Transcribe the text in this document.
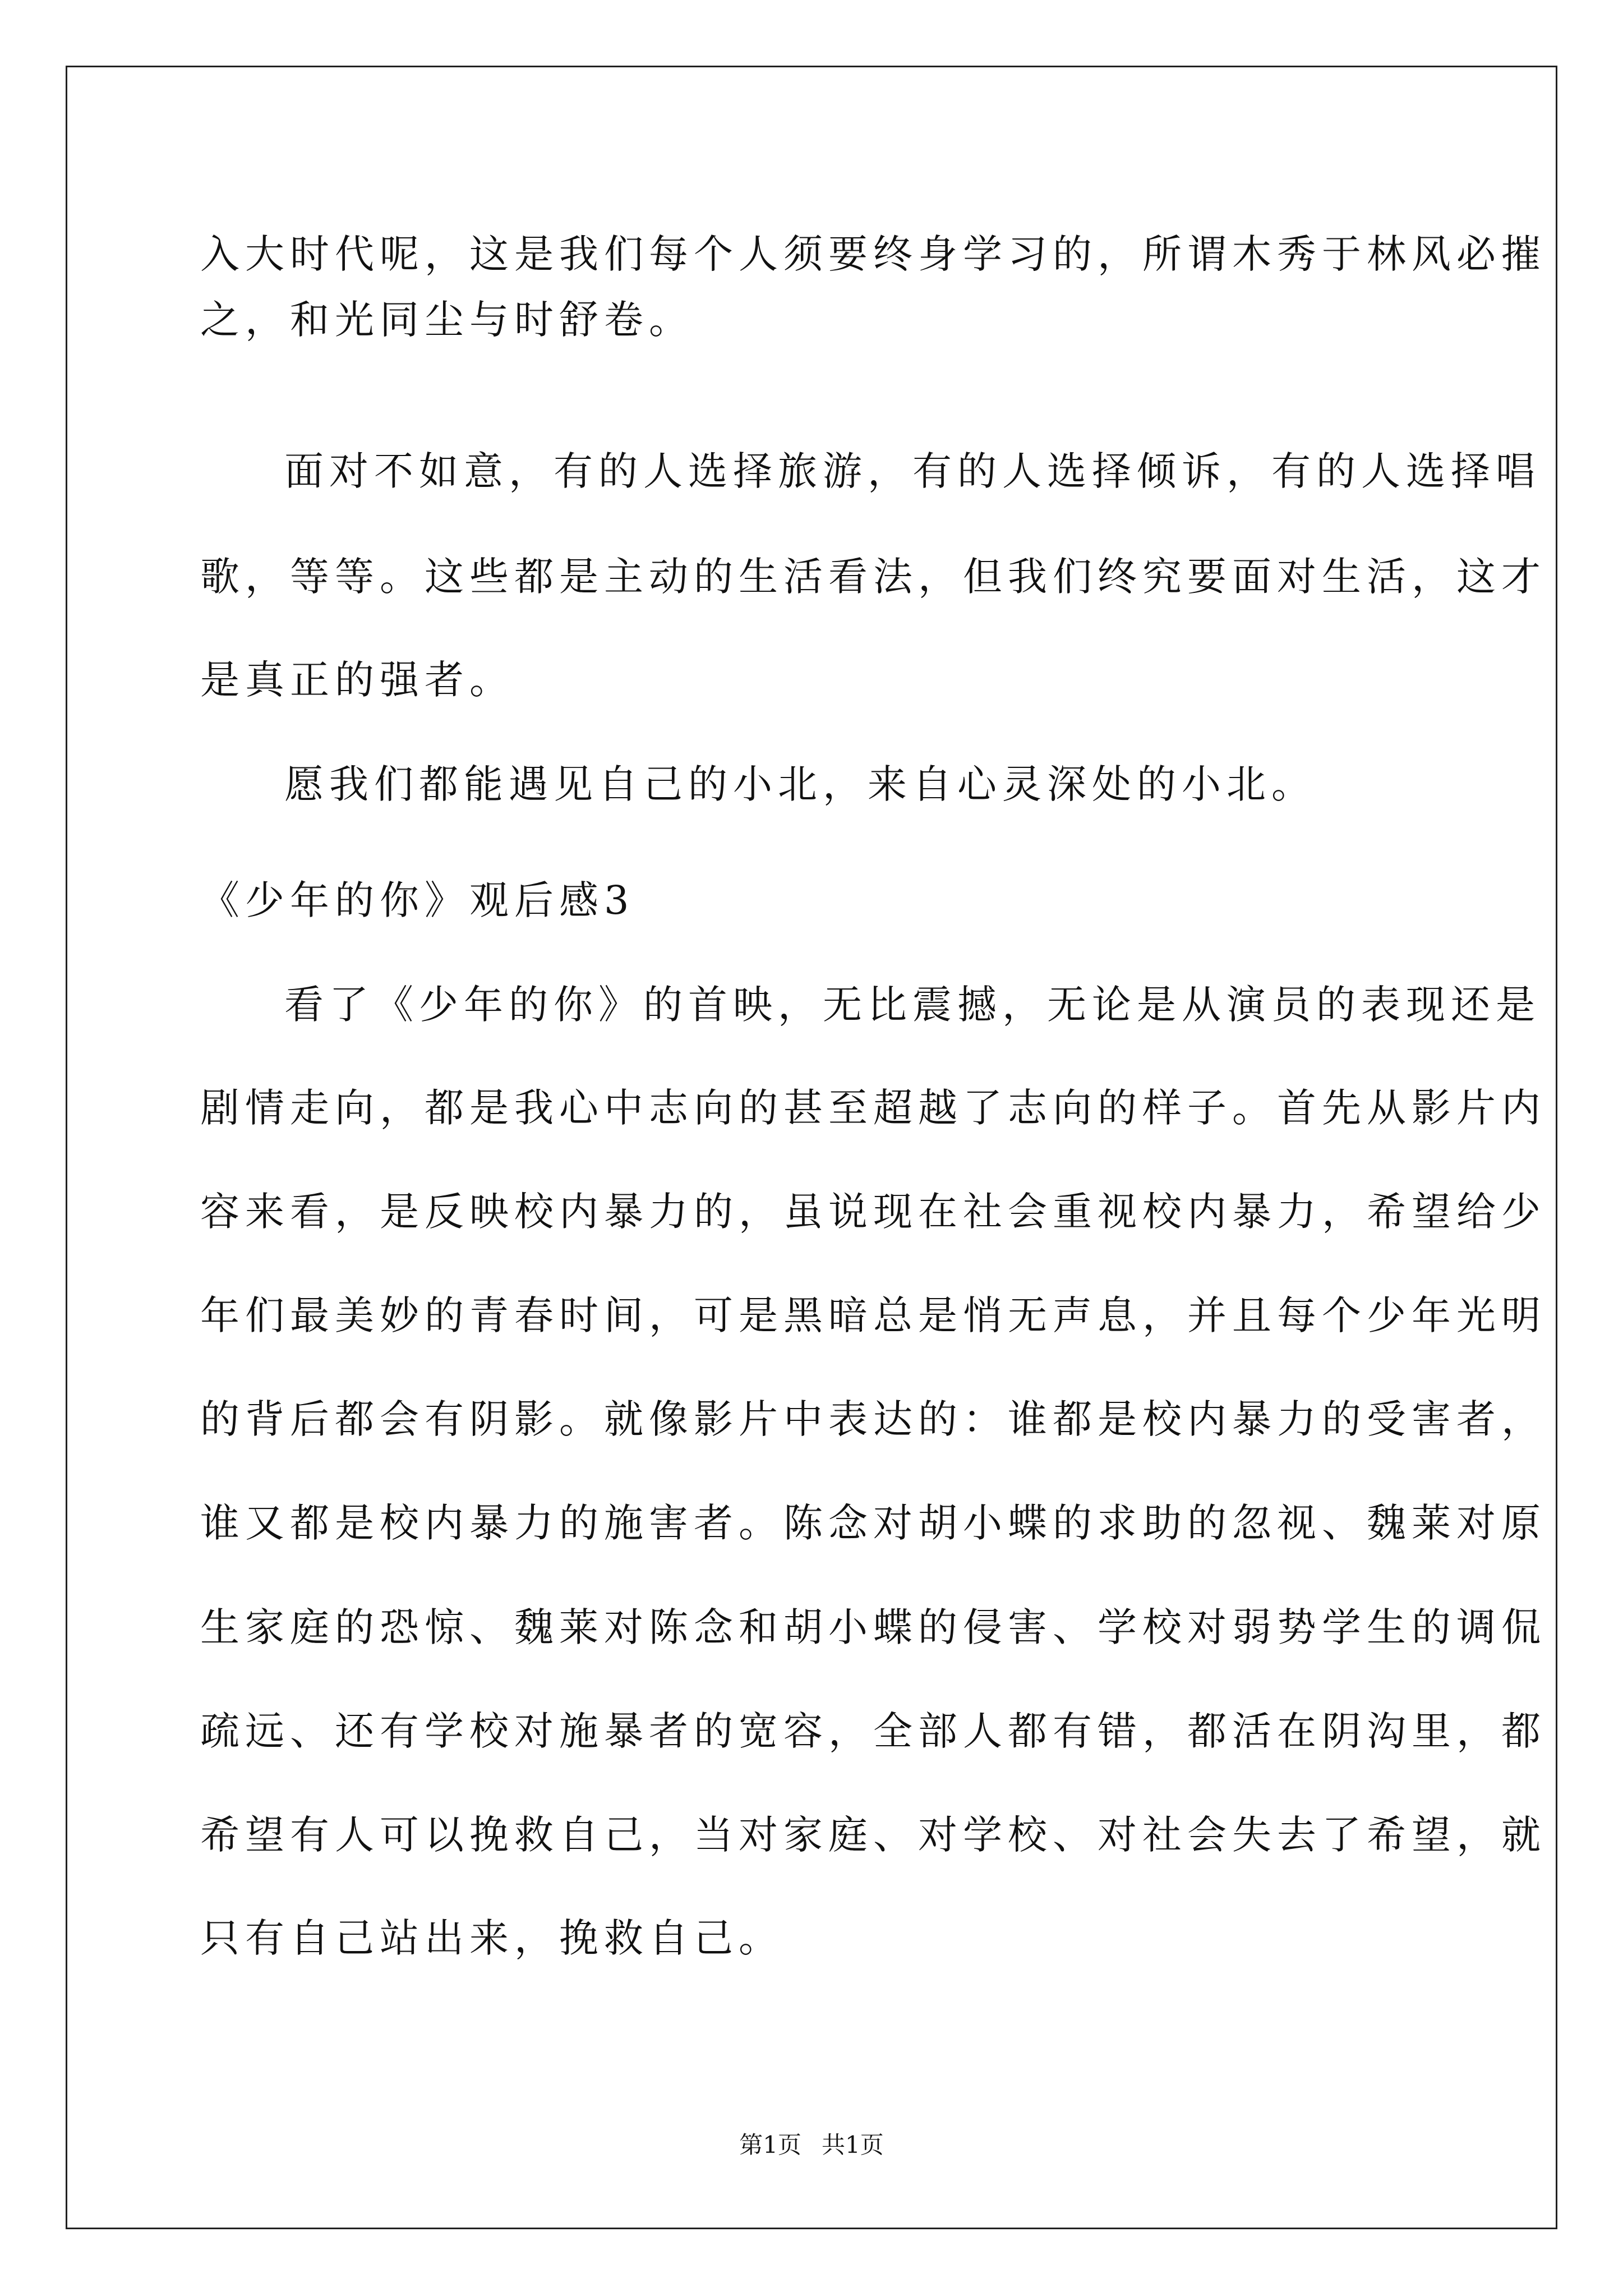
入大时代呢，这是我们每个人须要终身学习的，所谓木秀于林风必摧
之，和光同尘与时舒卷。
面对不如意，有的人选择旅游，有的人选择倾诉，有的人选择唱
歌，等等。这些都是主动的生活看法，但我们终究要面对生活，这才
是真正的强者。
愿我们都能遇见自己的小北，来自心灵深处的小北。
《少年的你》观后感3
看了《少年的你》的首映，无比震撼，无论是从演员的表现还是
剧情走向，都是我心中志向的甚至超越了志向的样子。首先从影片内
容来看，是反映校内暴力的，虽说现在社会重视校内暴力，希望给少
年们最美妙的青春时间，可是黑暗总是悄无声息，并且每个少年光明
的背后都会有阴影。就像影片中表达的：谁都是校内暴力的受害者，
谁又都是校内暴力的施害者。陈念对胡小蝶的求助的忽视、魏莱对原
生家庭的恐惊、魏莱对陈念和胡小蝶的侵害、学校对弱势学生的调侃
疏远、还有学校对施暴者的宽容，全部人都有错，都活在阴沟里，都
希望有人可以挽救自己，当对家庭、对学校、对社会失去了希望，就
只有自己站出来，挽救自己。
第1页 共1页
